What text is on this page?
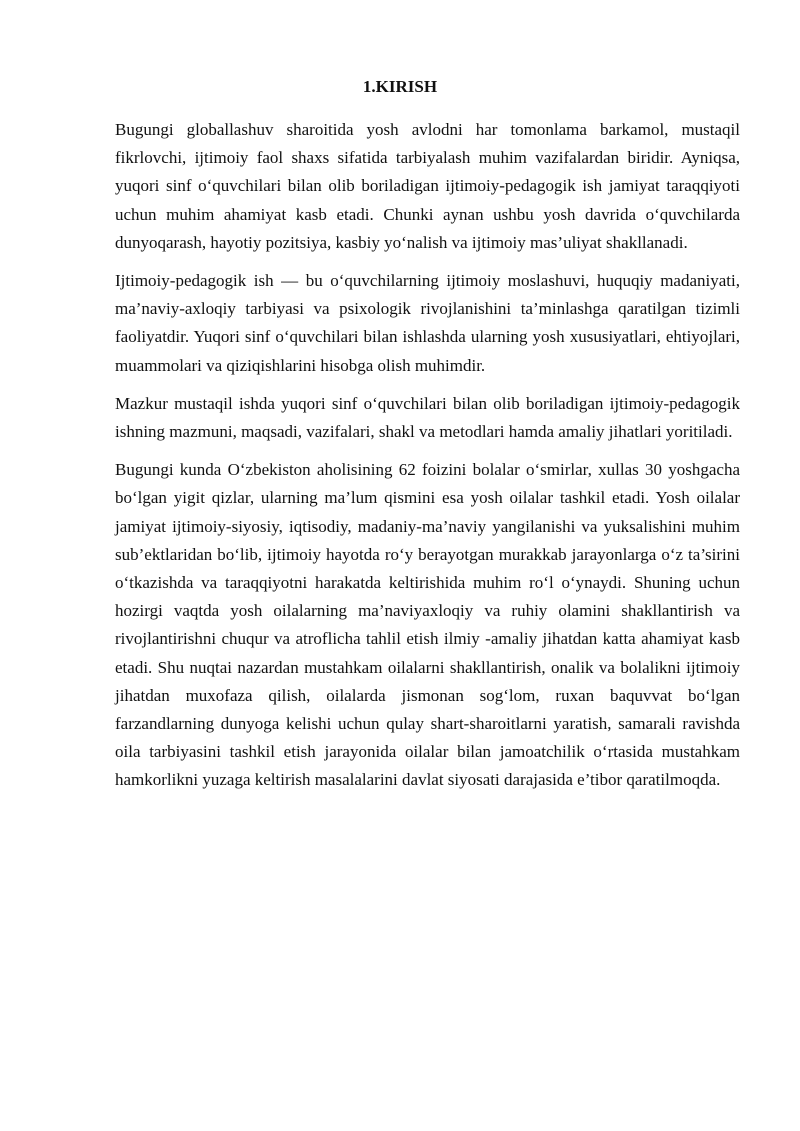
1.KIRISH

Bugungi globallashuv sharoitida yosh avlodni har tomonlama barkamol, mustaqil fikrlovchi, ijtimoiy faol shaxs sifatida tarbiyalash muhim vazifalardan biridir. Ayniqsa, yuqori sinf o‘quvchilari bilan olib boriladigan ijtimoiy-pedagogik ish jamiyat taraqqiyoti uchun muhim ahamiyat kasb etadi. Chunki aynan ushbu yosh davrida o‘quvchilarda dunyoqarash, hayotiy pozitsiya, kasbiy yo‘nalish va ijtimoiy mas’uliyat shakllanadi.

Ijtimoiy-pedagogik ish — bu o‘quvchilarning ijtimoiy moslashuvi, huquqiy madaniyati, ma’naviy-axloqiy tarbiyasi va psixologik rivojlanishini ta’minlashga qaratilgan tizimli faoliyatdir. Yuqori sinf o‘quvchilari bilan ishlashda ularning yosh xususiyatlari, ehtiyojlari, muammolari va qiziqishlarini hisobga olish muhimdir.

Mazkur mustaqil ishda yuqori sinf o‘quvchilari bilan olib boriladigan ijtimoiy-pedagogik ishning mazmuni, maqsadi, vazifalari, shakl va metodlari hamda amaliy jihatlari yoritiladi.

Bugungi kunda O‘zbekiston aholisining 62 foizini bolalar o‘smirlar, xullas 30 yoshgacha bo‘lgan yigit qizlar, ularning ma’lum qismini esa yosh oilalar tashkil etadi. Yosh oilalar jamiyat ijtimoiy-siyosiy, iqtisodiy, madaniy-ma’naviy yangilanishi va yuksalishini muhim sub’ektlaridan bo‘lib, ijtimoiy hayotda ro‘y berayotgan murakkab jarayonlarga o‘z ta’sirini o‘tkazishda va taraqqiyotni harakatda keltirishida muhim ro‘l o‘ynaydi. Shuning uchun hozirgi vaqtda yosh oilalarning ma’naviyaxloqiy va ruhiy olamini shakllantirish va rivojlantirishni chuqur va atroflicha tahlil etish ilmiy -amaliy jihatdan katta ahamiyat kasb etadi. Shu nuqtai nazardan mustahkam oilalarni shakllantirish, onalik va bolalikni ijtimoiy jihatdan muxofaza qilish, oilalarda jismonan sog‘lom, ruxan baquvvat bo‘lgan farzandlarning dunyoga kelishi uchun qulay shart-sharoitlarni yaratish, samarali ravishda oila tarbiyasini tashkil etish jarayonida oilalar bilan jamoatchilik o‘rtasida mustahkam hamkorlikni yuzaga keltirish masalalarini davlat siyosati darajasida e’tibor qaratilmoqda.
